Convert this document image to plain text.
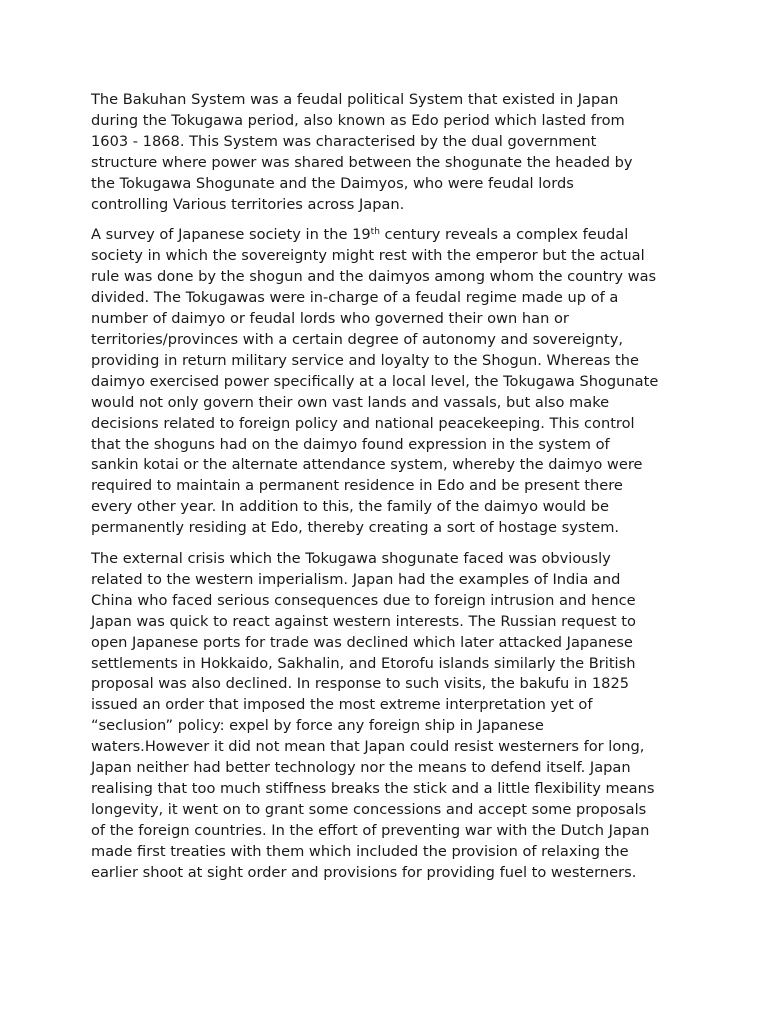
The Bakuhan System was a feudal political System that existed in Japan
during the Tokugawa period, also known as Edo period which lasted from
1603 - 1868. This System was characterised by the dual government
structure where power was shared between the shogunate the headed by
the Tokugawa Shogunate and the Daimyos, who were feudal lords
controlling Various territories across Japan.

A survey of Japanese society in the 19th century reveals a complex feudal
society in which the sovereignty might rest with the emperor but the actual
rule was done by the shogun and the daimyos among whom the country was
divided. The Tokugawas were in-charge of a feudal regime made up of a
number of daimyo or feudal lords who governed their own han or
territories/provinces with a certain degree of autonomy and sovereignty,
providing in return military service and loyalty to the Shogun. Whereas the
daimyo exercised power specifically at a local level, the Tokugawa Shogunate
would not only govern their own vast lands and vassals, but also make
decisions related to foreign policy and national peacekeeping. This control
that the shoguns had on the daimyo found expression in the system of
sankin kotai or the alternate attendance system, whereby the daimyo were
required to maintain a permanent residence in Edo and be present there
every other year. In addition to this, the family of the daimyo would be
permanently residing at Edo, thereby creating a sort of hostage system.

The external crisis which the Tokugawa shogunate faced was obviously
related to the western imperialism. Japan had the examples of India and
China who faced serious consequences due to foreign intrusion and hence
Japan was quick to react against western interests. The Russian request to
open Japanese ports for trade was declined which later attacked Japanese
settlements in Hokkaido, Sakhalin, and Etorofu islands similarly the British
proposal was also declined. In response to such visits, the bakufu in 1825
issued an order that imposed the most extreme interpretation yet of
“seclusion” policy: expel by force any foreign ship in Japanese
waters.However it did not mean that Japan could resist westerners for long,
Japan neither had better technology nor the means to defend itself. Japan
realising that too much stiffness breaks the stick and a little flexibility means
longevity, it went on to grant some concessions and accept some proposals
of the foreign countries. In the effort of preventing war with the Dutch Japan
made first treaties with them which included the provision of relaxing the
earlier shoot at sight order and provisions for providing fuel to westerners.
